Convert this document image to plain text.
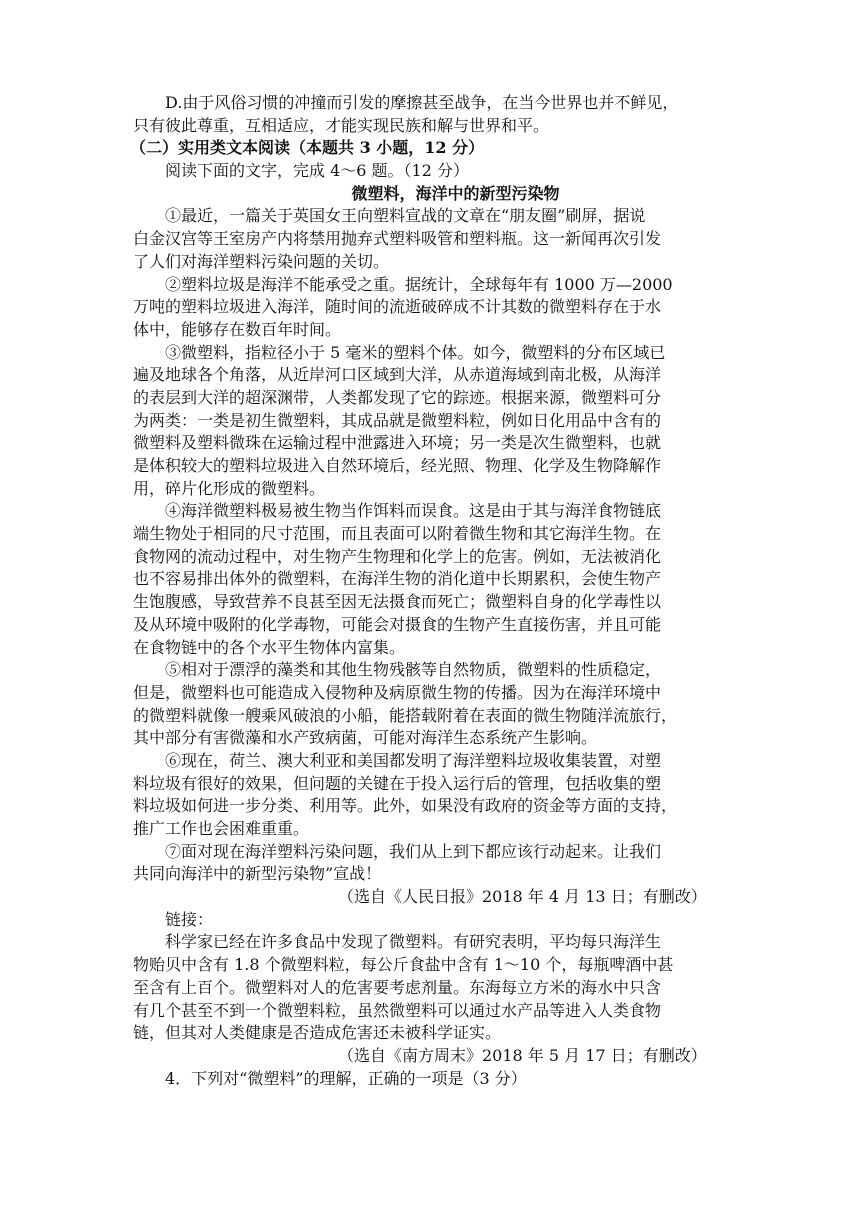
D.由于风俗习惯的冲撞而引发的摩擦甚至战争，在当今世界也并不鲜见，
只有彼此尊重，互相适应，才能实现民族和解与世界和平。

（二）实用类文本阅读（本题共 3 小题，12 分）

阅读下面的文字，完成 4～6 题。（12 分）

微塑料，海洋中的新型污染物

①最近，一篇关于英国女王向塑料宣战的文章在“朋友圈”刷屏，据说
白金汉宫等王室房产内将禁用抛弃式塑料吸管和塑料瓶。这一新闻再次引发
了人们对海洋塑料污染问题的关切。

②塑料垃圾是海洋不能承受之重。据统计，全球每年有 1000 万—2000
万吨的塑料垃圾进入海洋，随时间的流逝破碎成不计其数的微塑料存在于水
体中，能够存在数百年时间。

③微塑料，指粒径小于 5 毫米的塑料个体。如今，微塑料的分布区域已
遍及地球各个角落，从近岸河口区域到大洋，从赤道海域到南北极，从海洋
的表层到大洋的超深渊带，人类都发现了它的踪迹。根据来源，微塑料可分
为两类：一类是初生微塑料，其成品就是微塑料粒，例如日化用品中含有的
微塑料及塑料微珠在运输过程中泄露进入环境；另一类是次生微塑料，也就
是体积较大的塑料垃圾进入自然环境后，经光照、物理、化学及生物降解作
用，碎片化形成的微塑料。

④海洋微塑料极易被生物当作饵料而误食。这是由于其与海洋食物链底
端生物处于相同的尺寸范围，而且表面可以附着微生物和其它海洋生物。在
食物网的流动过程中，对生物产生物理和化学上的危害。例如，无法被消化
也不容易排出体外的微塑料，在海洋生物的消化道中长期累积，会使生物产
生饱腹感，导致营养不良甚至因无法摄食而死亡；微塑料自身的化学毒性以
及从环境中吸附的化学毒物，可能会对摄食的生物产生直接伤害，并且可能
在食物链中的各个水平生物体内富集。

⑤相对于漂浮的藻类和其他生物残骸等自然物质，微塑料的性质稳定，
但是，微塑料也可能造成入侵物种及病原微生物的传播。因为在海洋环境中
的微塑料就像一艘乘风破浪的小船，能搭载附着在表面的微生物随洋流旅行，
其中部分有害微藻和水产致病菌，可能对海洋生态系统产生影响。

⑥现在，荷兰、澳大利亚和美国都发明了海洋塑料垃圾收集装置，对塑
料垃圾有很好的效果，但问题的关键在于投入运行后的管理，包括收集的塑
料垃圾如何进一步分类、利用等。此外，如果没有政府的资金等方面的支持，
推广工作也会困难重重。

⑦面对现在海洋塑料污染问题，我们从上到下都应该行动起来。让我们
共同向海洋中的新型污染物”宣战！

（选自《人民日报》2018 年 4 月 13 日；有删改）

链接：

科学家已经在许多食品中发现了微塑料。有研究表明，平均每只海洋生
物贻贝中含有 1.8 个微塑料粒，每公斤食盐中含有 1～10 个，每瓶啤酒中甚
至含有上百个。微塑料对人的危害要考虑剂量。东海每立方米的海水中只含
有几个甚至不到一个微塑料粒，虽然微塑料可以通过水产品等进入人类食物
链，但其对人类健康是否造成危害还未被科学证实。

（选自《南方周末》2018 年 5 月 17 日；有删改）

4．下列对“微塑料”的理解，正确的一项是（3 分）
